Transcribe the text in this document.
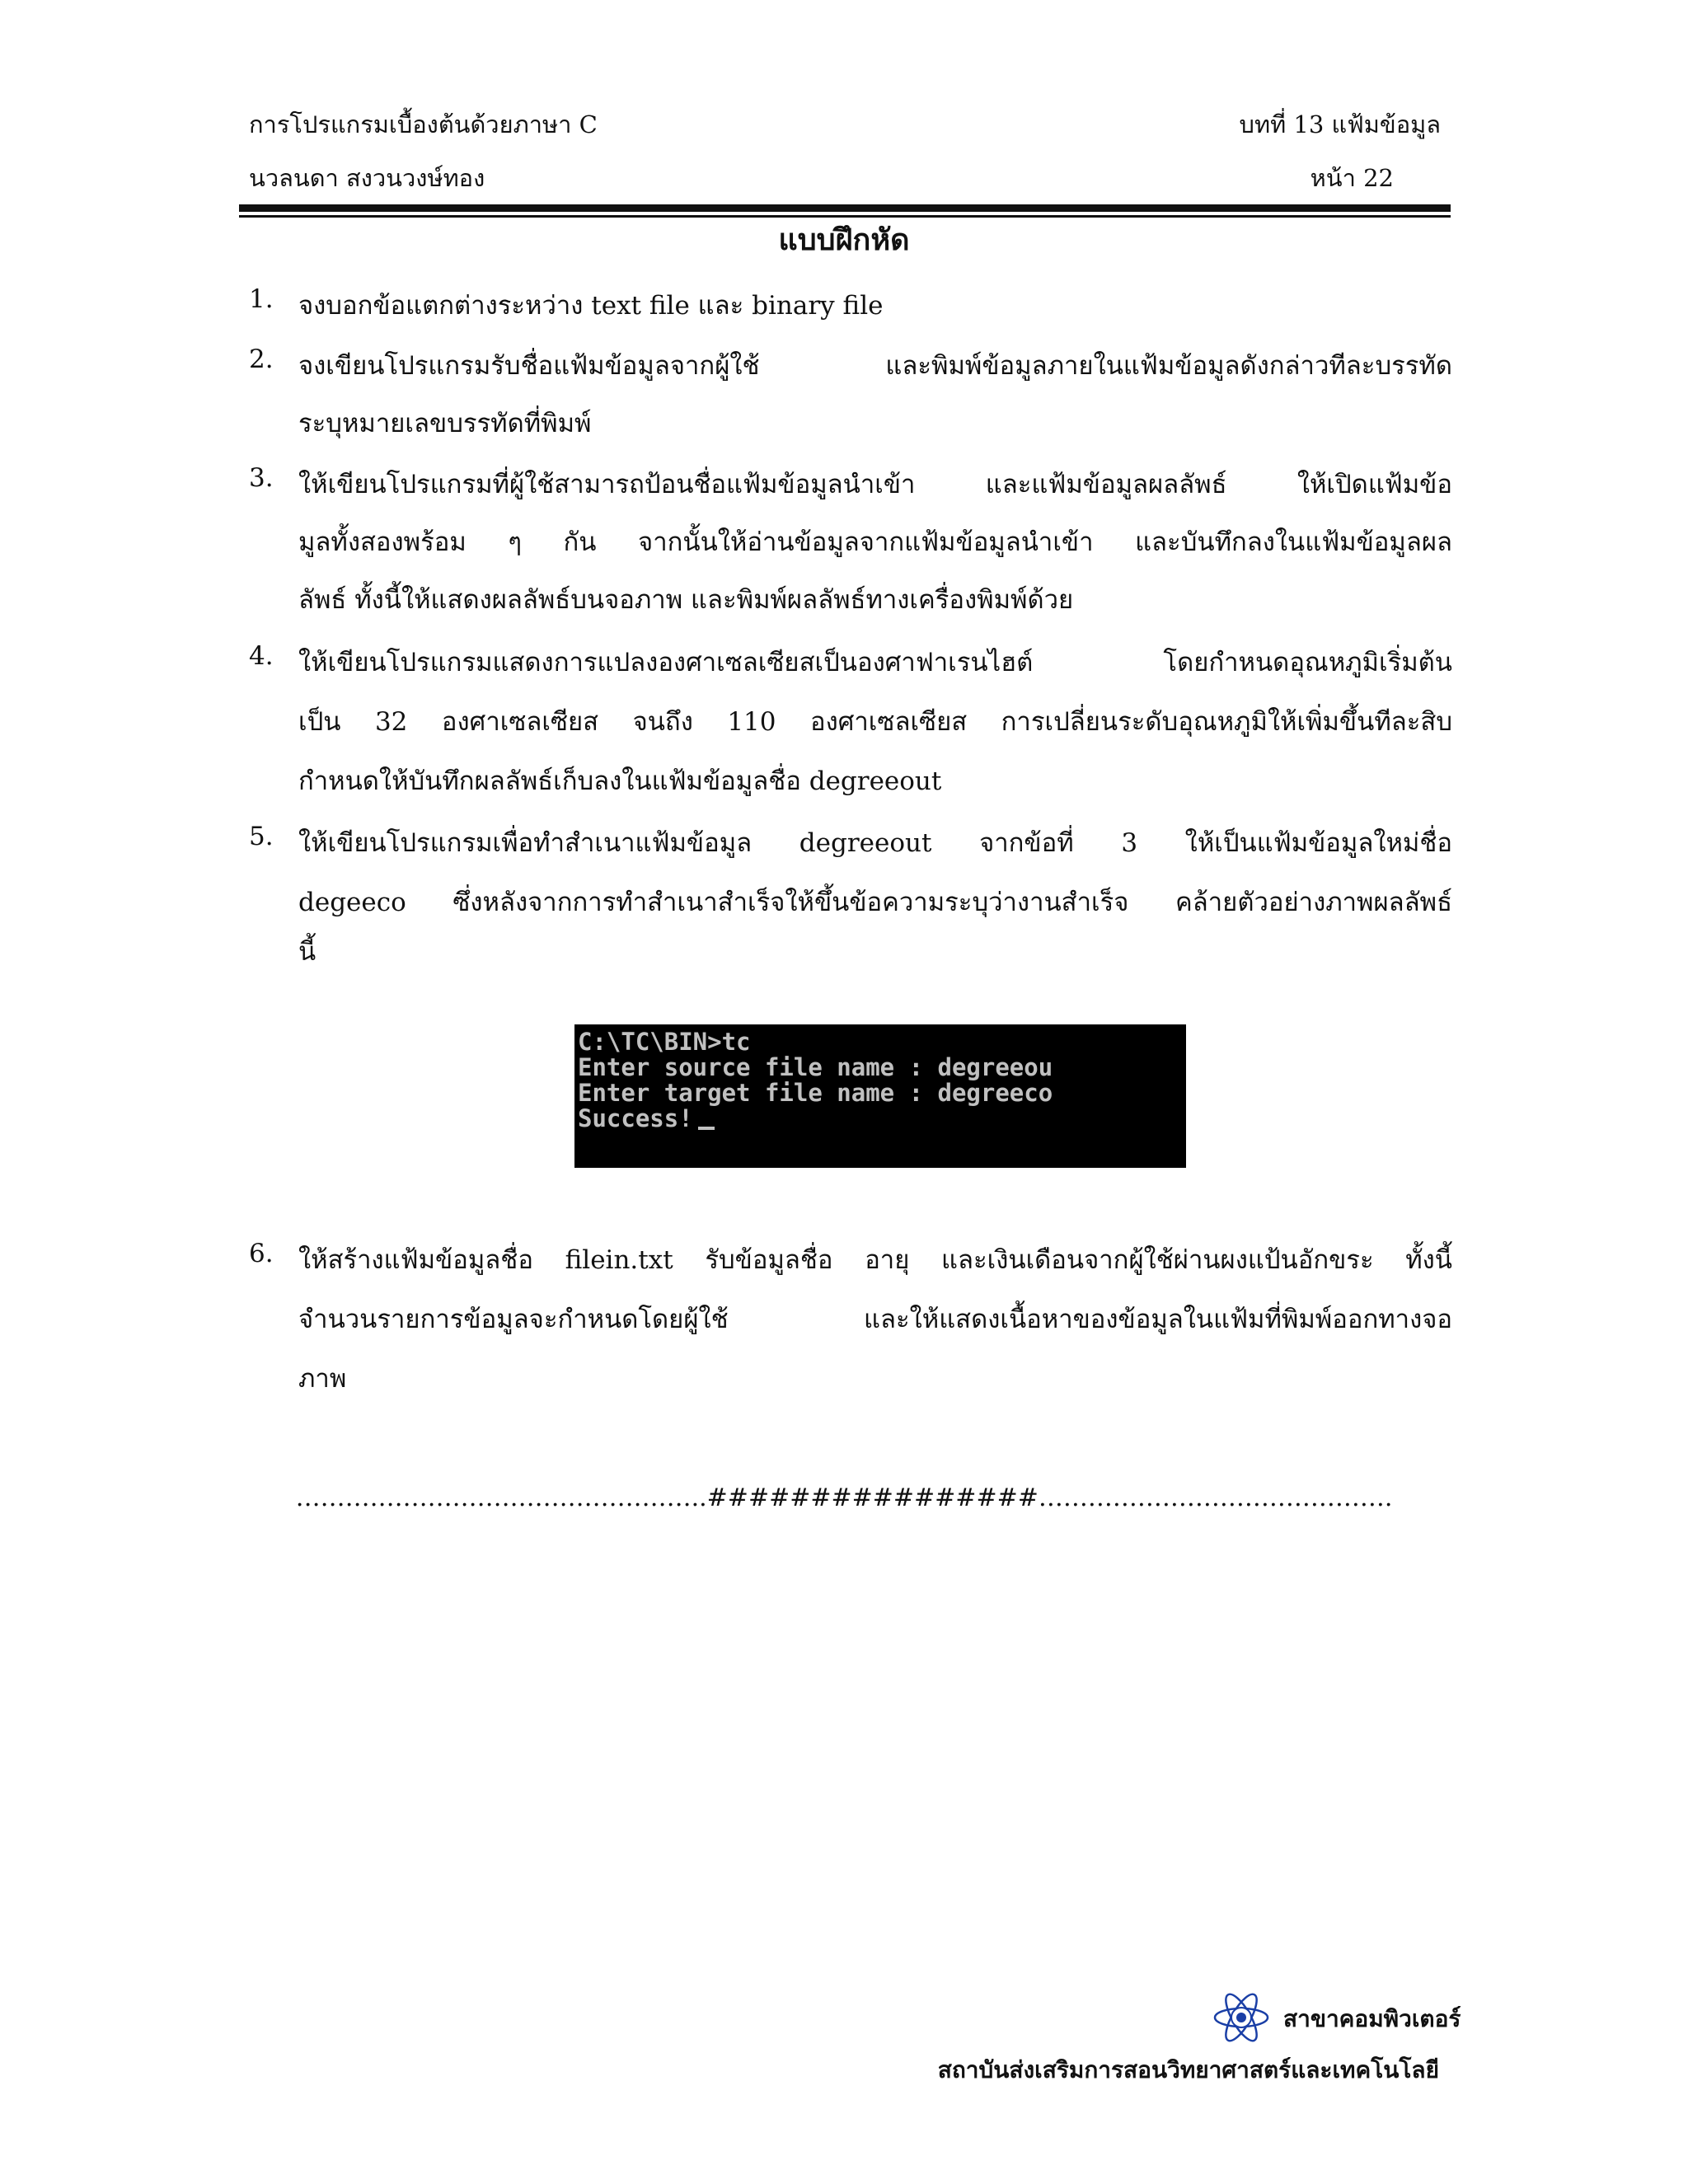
การโปรแกรมเบื้องต้นด้วยภาษา C
นวลนดา สงวนวงษ์ทอง
บทที่ 13 แฟ้มข้อมูล
หน้า 22
แบบฝึกหัด
1. จงบอกข้อแตกต่างระหว่าง text file และ binary file
2. จงเขียนโปรแกรมรับชื่อแฟ้มข้อมูลจากผู้ใช้ และพิมพ์ข้อมูลภายในแฟ้มข้อมูลดังกล่าวทีละบรรทัด
ระบุหมายเลขบรรทัดที่พิมพ์
3. ให้เขียนโปรแกรมที่ผู้ใช้สามารถป้อนชื่อแฟ้มข้อมูลนำเข้า และแฟ้มข้อมูลผลลัพธ์ ให้เปิดแฟ้มข้อ
มูลทั้งสองพร้อม ๆ กัน จากนั้นให้อ่านข้อมูลจากแฟ้มข้อมูลนำเข้า และบันทึกลงในแฟ้มข้อมูลผล
ลัพธ์ ทั้งนี้ให้แสดงผลลัพธ์บนจอภาพ และพิมพ์ผลลัพธ์ทางเครื่องพิมพ์ด้วย
4. ให้เขียนโปรแกรมแสดงการแปลงองศาเซลเซียสเป็นองศาฟาเรนไฮต์ โดยกำหนดอุณหภูมิเริ่มต้น
เป็น 32 องศาเซลเซียส จนถึง 110 องศาเซลเซียส การเปลี่ยนระดับอุณหภูมิให้เพิ่มขึ้นทีละสิบ
กำหนดให้บันทึกผลลัพธ์เก็บลงในแฟ้มข้อมูลชื่อ degreeout
5. ให้เขียนโปรแกรมเพื่อทำสำเนาแฟ้มข้อมูล degreeout จากข้อที่ 3 ให้เป็นแฟ้มข้อมูลใหม่ชื่อ
degeeco ซึ่งหลังจากการทำสำเนาสำเร็จให้ขึ้นข้อความระบุว่างานสำเร็จ คล้ายตัวอย่างภาพผลลัพธ์
นี้
C:\TC\BIN>tc
Enter source file name : degreeou
Enter target file name : degreeco
Success!
6. ให้สร้างแฟ้มข้อมูลชื่อ filein.txt รับข้อมูลชื่อ อายุ และเงินเดือนจากผู้ใช้ผ่านผงแป้นอักขระ ทั้งนี้
จำนวนรายการข้อมูลจะกำหนดโดยผู้ใช้ และให้แสดงเนื้อหาของข้อมูลในแฟ้มที่พิมพ์ออกทางจอ
ภาพ
…………………………………………..################…………………………………….
สาขาคอมพิวเตอร์
สถาบันส่งเสริมการสอนวิทยาศาสตร์และเทคโนโลยี
